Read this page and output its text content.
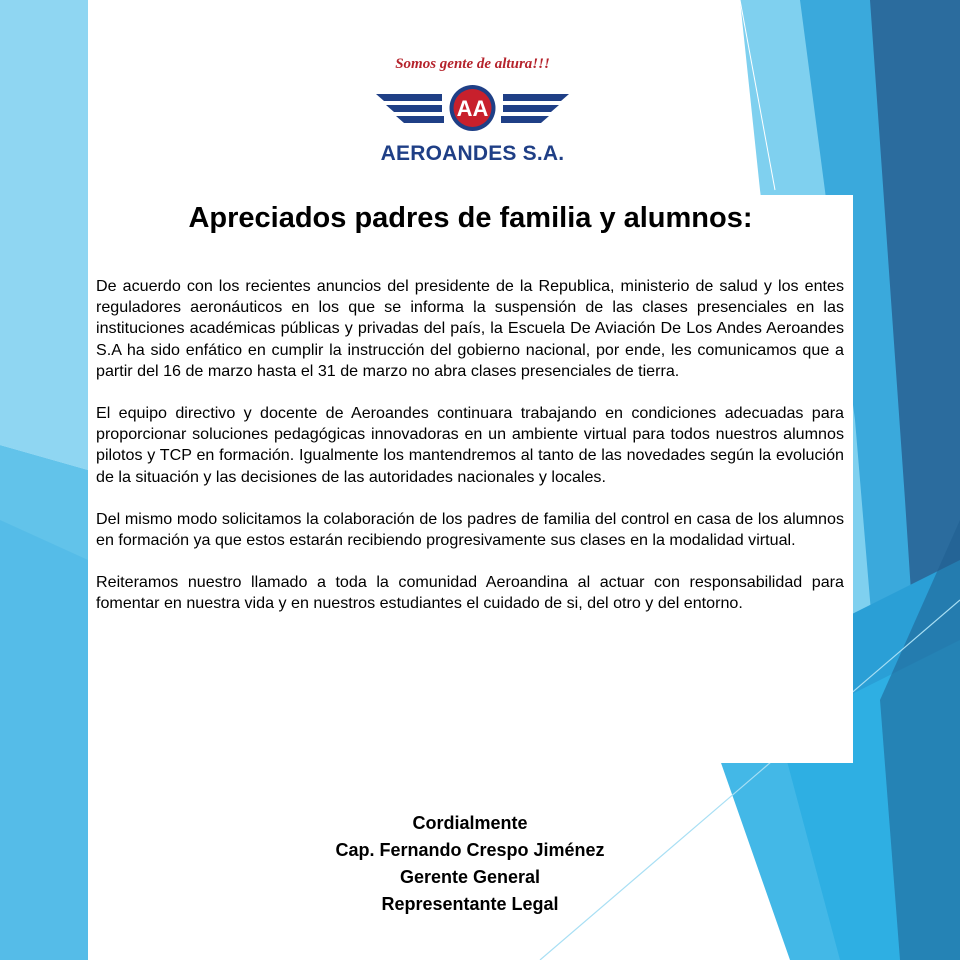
Somos gente de altura!!!
AA
AEROANDES S.A.
Apreciados padres de familia y alumnos:

De acuerdo con los recientes anuncios del presidente de la Republica, ministerio de salud y los entes reguladores aeronáuticos en los que se informa la suspensión de las clases presenciales en las instituciones académicas públicas y privadas del país, la Escuela De Aviación De Los Andes Aeroandes S.A ha sido enfático en cumplir la instrucción del gobierno nacional, por ende, les comunicamos que a partir del 16 de marzo hasta el 31 de marzo no abra clases presenciales de tierra.

El equipo directivo y docente de Aeroandes continuara trabajando en condiciones adecuadas para proporcionar soluciones pedagógicas innovadoras en un ambiente virtual para todos nuestros alumnos pilotos y TCP en formación. Igualmente los mantendremos al tanto de las novedades según la evolución de la situación y las decisiones de las autoridades nacionales y locales.

Del mismo modo solicitamos la colaboración de los padres de familia del control en casa de los alumnos en formación ya que estos estarán recibiendo progresivamente sus clases en la modalidad virtual.

Reiteramos nuestro llamado a toda la comunidad Aeroandina al actuar con responsabilidad para fomentar en nuestra vida y en nuestros estudiantes el cuidado de si, del otro y del entorno.

Cordialmente
Cap. Fernando Crespo Jiménez
Gerente General
Representante Legal
